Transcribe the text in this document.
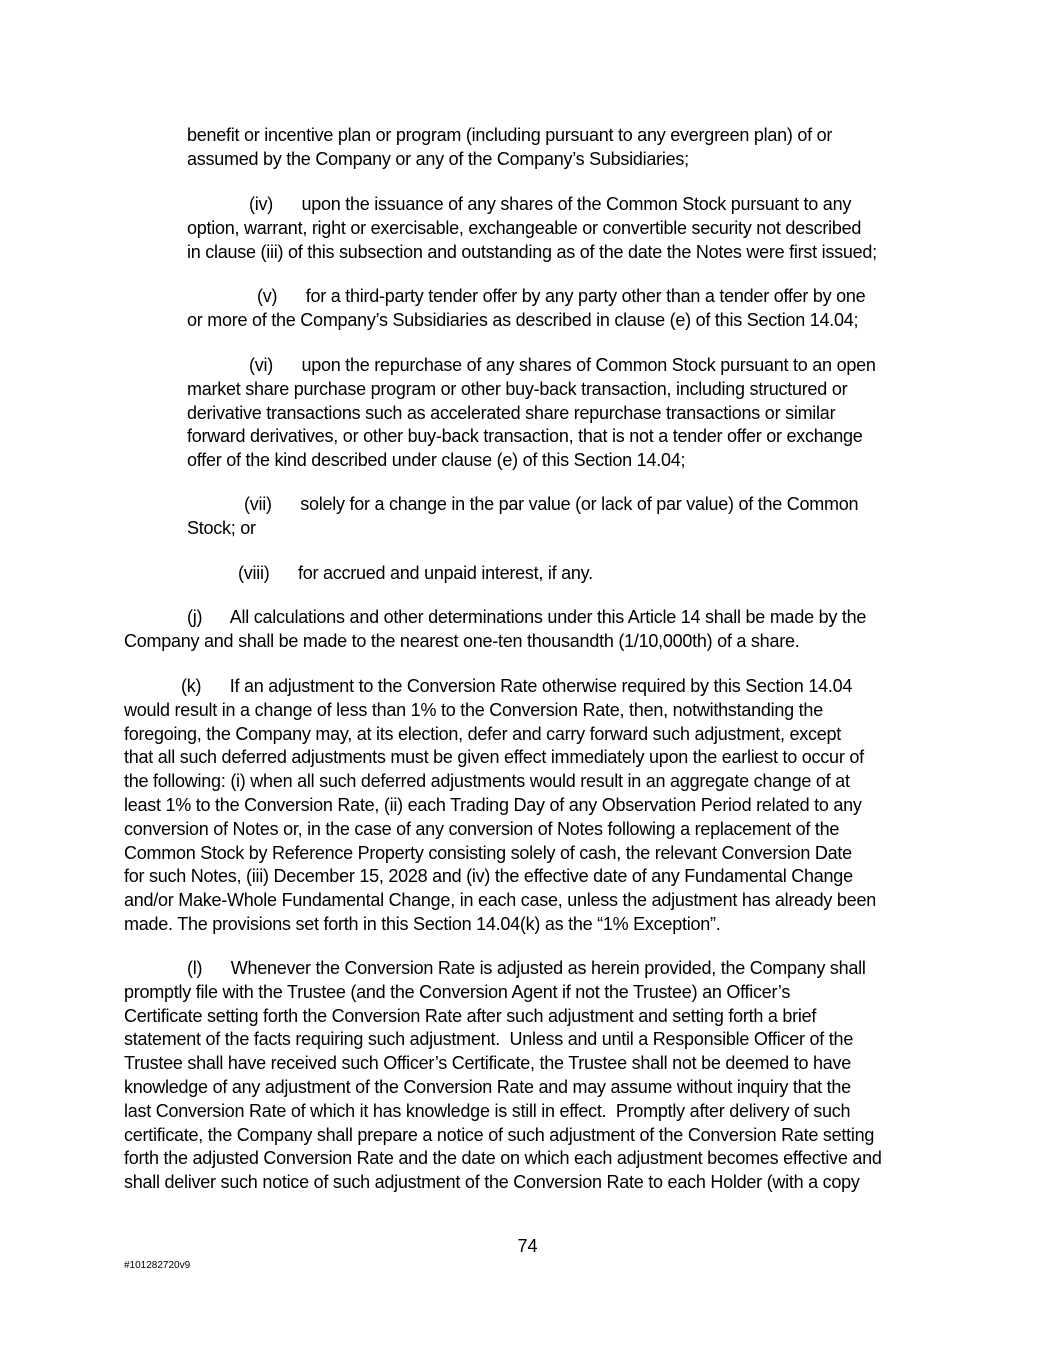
benefit or incentive plan or program (including pursuant to any evergreen plan) of or
assumed by the Company or any of the Company’s Subsidiaries;
(iv)      upon the issuance of any shares of the Common Stock pursuant to any
option, warrant, right or exercisable, exchangeable or convertible security not described
in clause (iii) of this subsection and outstanding as of the date the Notes were first issued;
(v)      for a third-party tender offer by any party other than a tender offer by one
or more of the Company’s Subsidiaries as described in clause (e) of this Section 14.04;
(vi)      upon the repurchase of any shares of Common Stock pursuant to an open
market share purchase program or other buy-back transaction, including structured or
derivative transactions such as accelerated share repurchase transactions or similar
forward derivatives, or other buy-back transaction, that is not a tender offer or exchange
offer of the kind described under clause (e) of this Section 14.04;
(vii)      solely for a change in the par value (or lack of par value) of the Common
Stock; or
(viii)      for accrued and unpaid interest, if any.
(j)      All calculations and other determinations under this Article 14 shall be made by the
Company and shall be made to the nearest one-ten thousandth (1/10,000th) of a share.
(k)      If an adjustment to the Conversion Rate otherwise required by this Section 14.04
would result in a change of less than 1% to the Conversion Rate, then, notwithstanding the
foregoing, the Company may, at its election, defer and carry forward such adjustment, except
that all such deferred adjustments must be given effect immediately upon the earliest to occur of
the following: (i) when all such deferred adjustments would result in an aggregate change of at
least 1% to the Conversion Rate, (ii) each Trading Day of any Observation Period related to any
conversion of Notes or, in the case of any conversion of Notes following a replacement of the
Common Stock by Reference Property consisting solely of cash, the relevant Conversion Date
for such Notes, (iii) December 15, 2028 and (iv) the effective date of any Fundamental Change
and/or Make-Whole Fundamental Change, in each case, unless the adjustment has already been
made. The provisions set forth in this Section 14.04(k) as the “1% Exception”.
(l)      Whenever the Conversion Rate is adjusted as herein provided, the Company shall
promptly file with the Trustee (and the Conversion Agent if not the Trustee) an Officer’s
Certificate setting forth the Conversion Rate after such adjustment and setting forth a brief
statement of the facts requiring such adjustment.  Unless and until a Responsible Officer of the
Trustee shall have received such Officer’s Certificate, the Trustee shall not be deemed to have
knowledge of any adjustment of the Conversion Rate and may assume without inquiry that the
last Conversion Rate of which it has knowledge is still in effect.  Promptly after delivery of such
certificate, the Company shall prepare a notice of such adjustment of the Conversion Rate setting
forth the adjusted Conversion Rate and the date on which each adjustment becomes effective and
shall deliver such notice of such adjustment of the Conversion Rate to each Holder (with a copy
74
#101282720v9
